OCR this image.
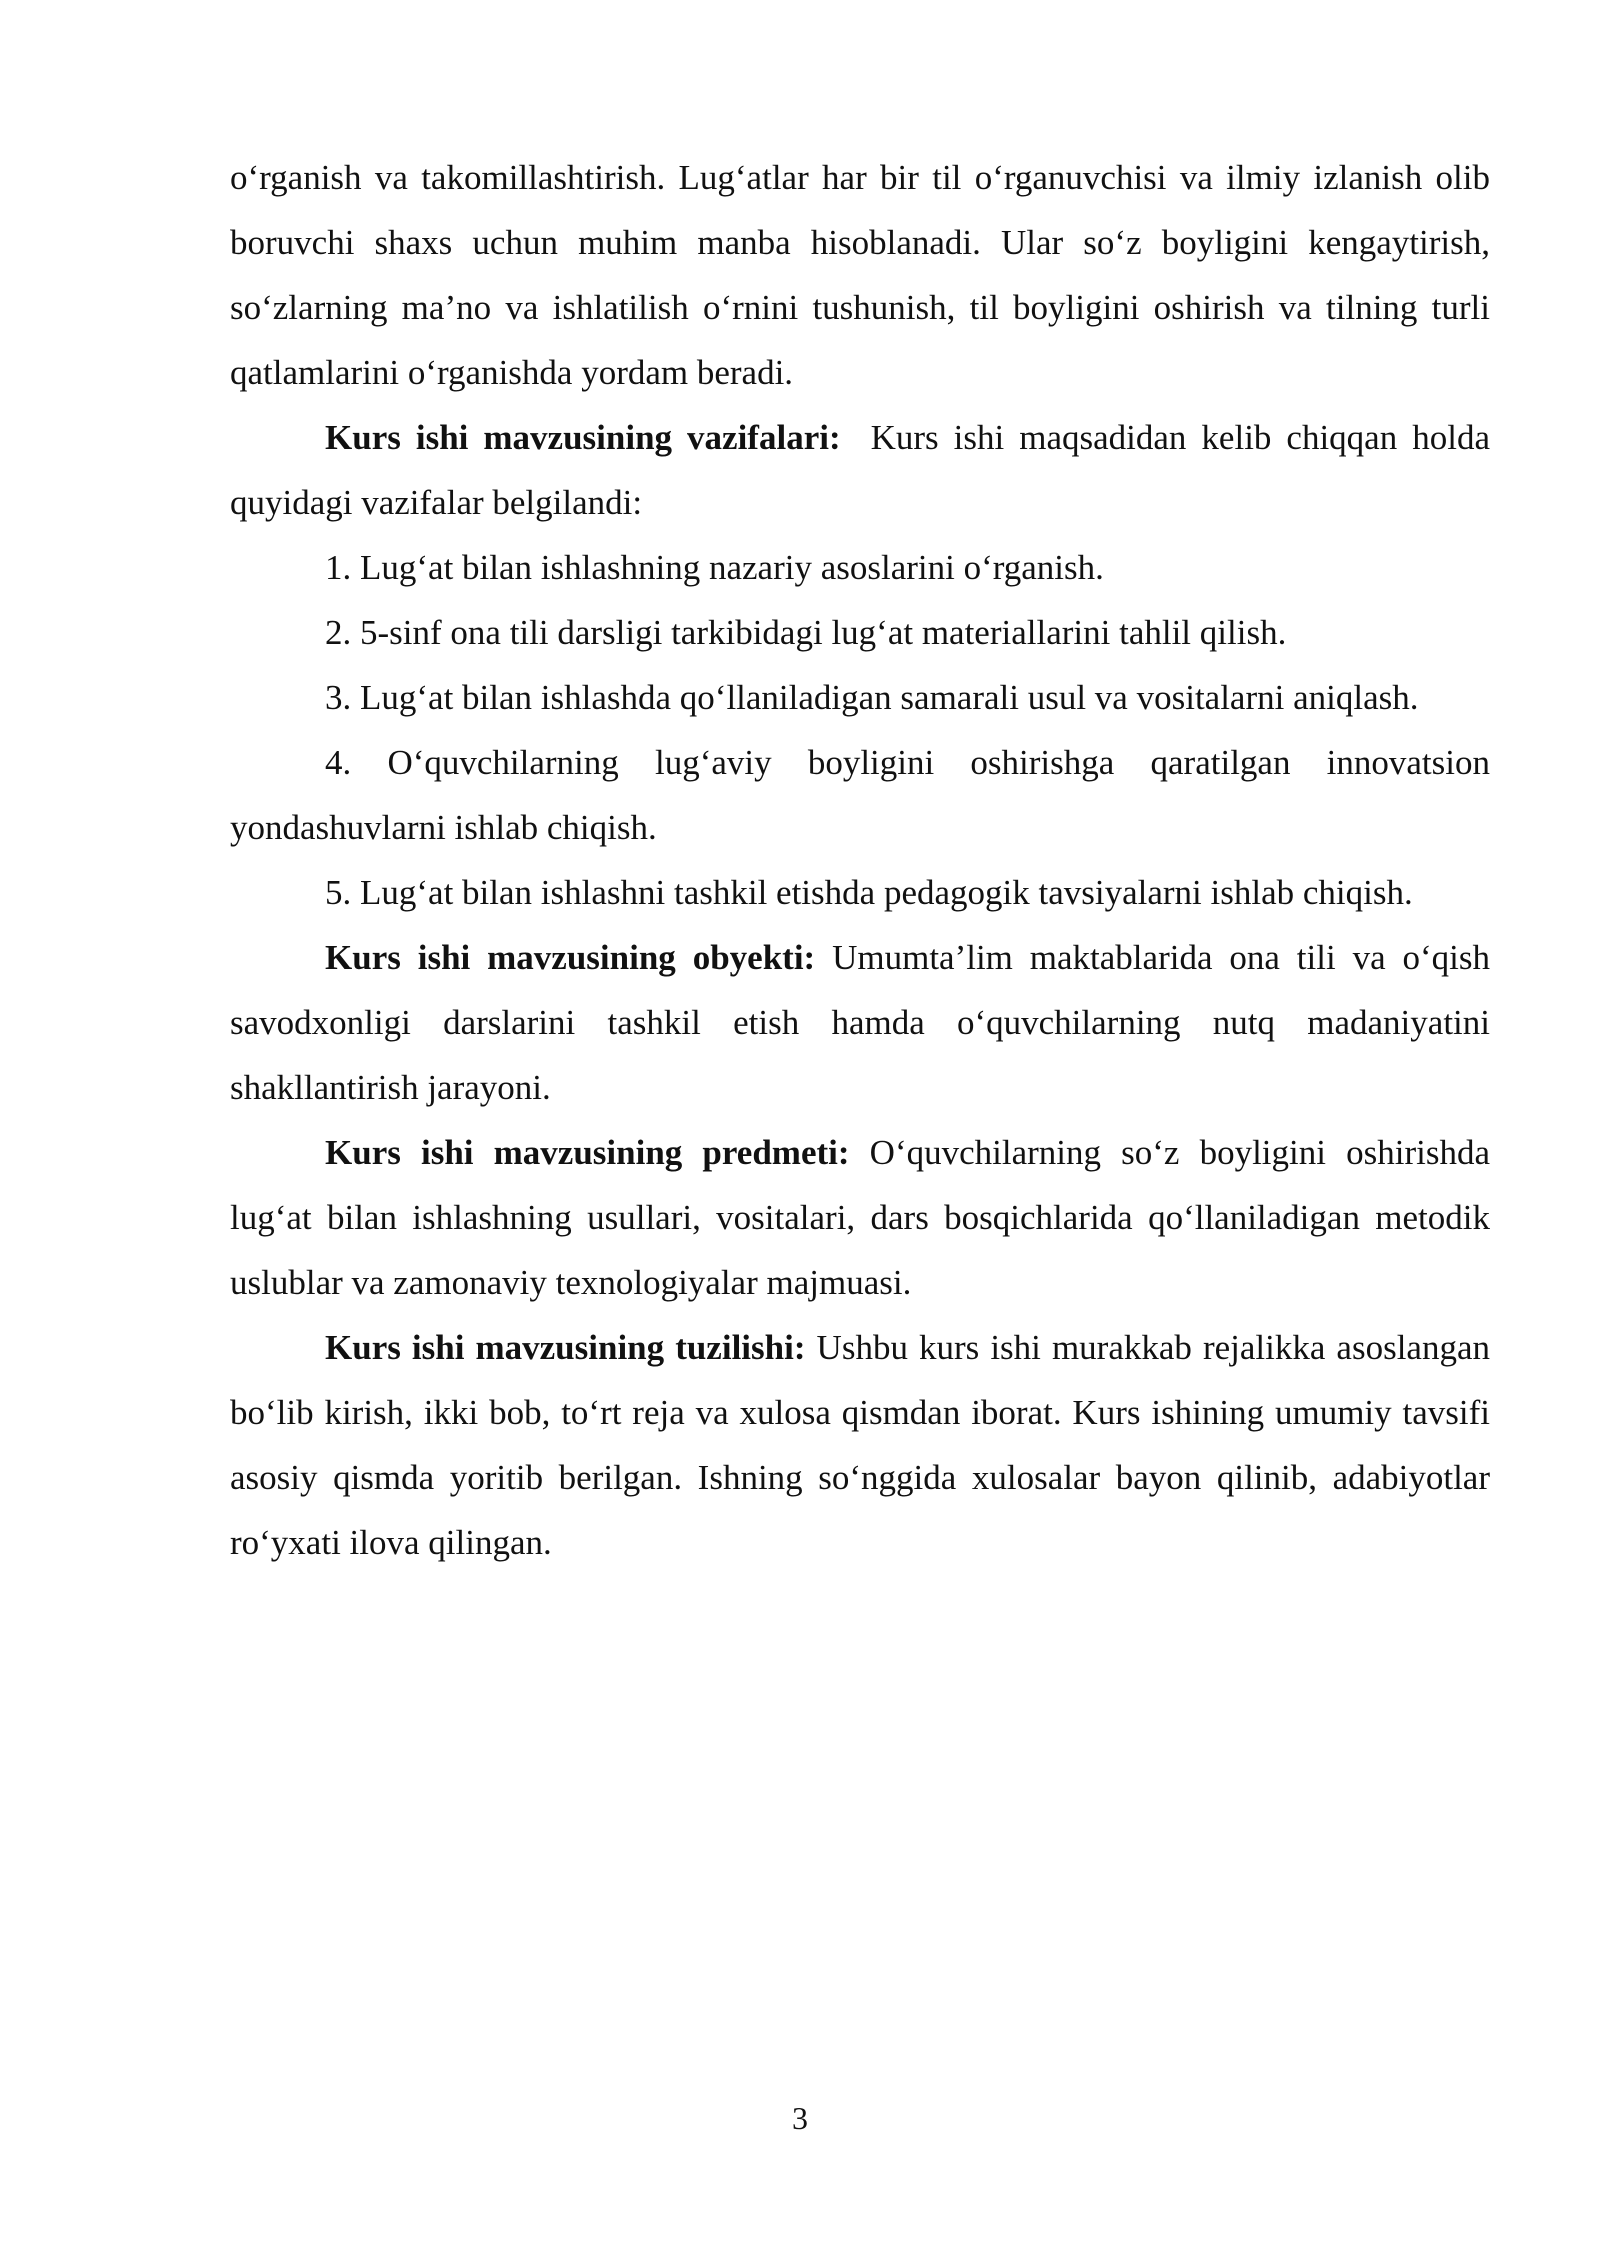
o‘rganish va takomillashtirish. Lug‘atlar har bir til o‘rganuvchisi va ilmiy izlanish olib boruvchi shaxs uchun muhim manba hisoblanadi. Ular so‘z boyligini kengaytirish, so‘zlarning ma’no va ishlatilish o‘rnini tushunish, til boyligini oshirish va tilning turli qatlamlarini o‘rganishda yordam beradi.

Kurs ishi mavzusining vazifalari: Kurs ishi maqsadidan kelib chiqqan holda quyidagi vazifalar belgilandi:

1. Lug‘at bilan ishlashning nazariy asoslarini o‘rganish.

2. 5-sinf ona tili darsligi tarkibidagi lug‘at materiallarini tahlil qilish.

3. Lug‘at bilan ishlashda qo‘llaniladigan samarali usul va vositalarni aniqlash.

4. O‘quvchilarning lug‘aviy boyligini oshirishga qaratilgan innovatsion yondashuvlarni ishlab chiqish.

5. Lug‘at bilan ishlashni tashkil etishda pedagogik tavsiyalarni ishlab chiqish.

Kurs ishi mavzusining obyekti: Umumta’lim maktablarida ona tili va o‘qish savodxonligi darslarini tashkil etish hamda o‘quvchilarning nutq madaniyatini shakllantirish jarayoni.

Kurs ishi mavzusining predmeti: O‘quvchilarning so‘z boyligini oshirishda lug‘at bilan ishlashning usullari, vositalari, dars bosqichlarida qo‘llaniladigan metodik uslublar va zamonaviy texnologiyalar majmuasi.

Kurs ishi mavzusining tuzilishi: Ushbu kurs ishi murakkab rejalikka asoslangan bo‘lib kirish, ikki bob, to‘rt reja va xulosa qismdan iborat. Kurs ishining umumiy tavsifi asosiy qismda yoritib berilgan. Ishning so‘nggida xulosalar bayon qilinib, adabiyotlar ro‘yxati ilova qilingan.

3
